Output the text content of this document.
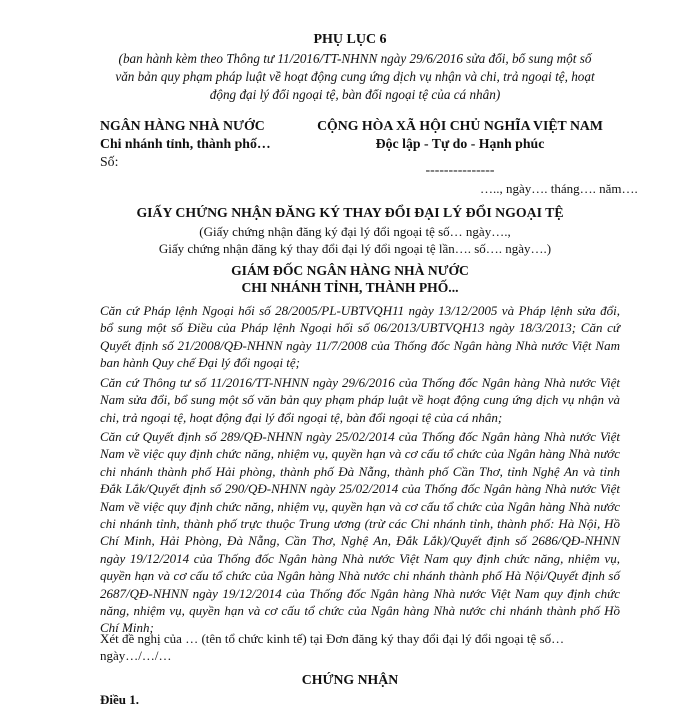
PHỤ LỤC 6

(ban hành kèm theo Thông tư 11/2016/TT-NHNN ngày 29/6/2016 sửa đổi, bổ sung một số văn bản quy phạm pháp luật về hoạt động cung ứng dịch vụ nhận và chi, trả ngoại tệ, hoạt động đại lý đổi ngoại tệ, bàn đổi ngoại tệ của cá nhân)

NGÂN HÀNG NHÀ NƯỚC
Chi nhánh tỉnh, thành phố…
Số:
CỘNG HÒA XÃ HỘI CHỦ NGHĨA VIỆT NAM
Độc lập - Tự do - Hạnh phúc
---------------

….., ngày…. tháng…. năm….

GIẤY CHỨNG NHẬN ĐĂNG KÝ THAY ĐỔI ĐẠI LÝ ĐỔI NGOẠI TỆ

(Giấy chứng nhận đăng ký đại lý đổi ngoại tệ số… ngày….,
Giấy chứng nhận đăng ký thay đổi đại lý đổi ngoại tệ lần…. số…. ngày….)
GIÁM ĐỐC NGÂN HÀNG NHÀ NƯỚC
CHI NHÁNH TỈNH, THÀNH PHỐ...

Căn cứ Pháp lệnh Ngoại hối số 28/2005/PL-UBTVQH11 ngày 13/12/2005 và Pháp lệnh sửa đổi, bổ sung một số Điều của Pháp lệnh Ngoại hối số 06/2013/UBTVQH13 ngày 18/3/2013; Căn cứ Quyết định số 21/2008/QĐ-NHNN ngày 11/7/2008 của Thống đốc Ngân hàng Nhà nước Việt Nam ban hành Quy chế Đại lý đổi ngoại tệ;

Căn cứ Thông tư số 11/2016/TT-NHNN ngày 29/6/2016 của Thống đốc Ngân hàng Nhà nước Việt Nam sửa đổi, bổ sung một số văn bản quy phạm pháp luật về hoạt động cung ứng dịch vụ nhận và chi, trả ngoại tệ, hoạt động đại lý đổi ngoại tệ, bàn đổi ngoại tệ của cá nhân;

Căn cứ Quyết định số 289/QĐ-NHNN ngày 25/02/2014 của Thống đốc Ngân hàng Nhà nước Việt Nam về việc quy định chức năng, nhiệm vụ, quyền hạn và cơ cấu tổ chức của Ngân hàng Nhà nước chi nhánh thành phố Hải phòng, thành phố Đà Nẵng, thành phố Cần Thơ, tỉnh Nghệ An và tỉnh Đắk Lắk/Quyết định số 290/QĐ-NHNN ngày 25/02/2014 của Thống đốc Ngân hàng Nhà nước Việt Nam về việc quy định chức năng, nhiệm vụ, quyền hạn và cơ cấu tổ chức của Ngân hàng Nhà nước chi nhánh tỉnh, thành phố trực thuộc Trung ương (trừ các Chi nhánh tỉnh, thành phố: Hà Nội, Hồ Chí Minh, Hải Phòng, Đà Nẵng, Cần Thơ, Nghệ An, Đắk Lắk)/Quyết định số 2686/QĐ-NHNN ngày 19/12/2014 của Thống đốc Ngân hàng Nhà nước Việt Nam quy định chức năng, nhiệm vụ, quyền hạn và cơ cấu tổ chức của Ngân hàng Nhà nước chi nhánh thành phố Hà Nội/Quyết định số 2687/QĐ-NHNN ngày 19/12/2014 của Thống đốc Ngân hàng Nhà nước Việt Nam quy định chức năng, nhiệm vụ, quyền hạn và cơ cấu tổ chức của Ngân hàng Nhà nước chi nhánh thành phố Hồ Chí Minh;

Xét đề nghị của … (tên tổ chức kinh tế) tại Đơn đăng ký thay đổi đại lý đổi ngoại tệ số… ngày…/…/…

CHỨNG NHẬN

Điều 1.
